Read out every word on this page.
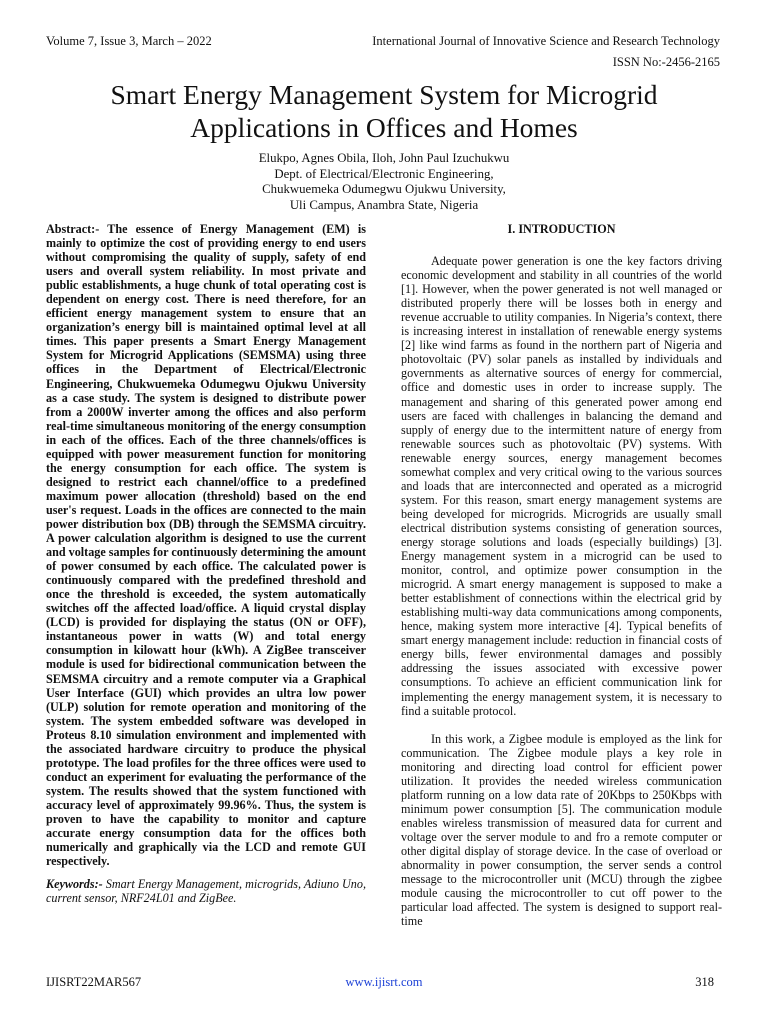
Volume 7, Issue 3, March – 2022	International Journal of Innovative Science and Research Technology
ISSN No:-2456-2165
Smart Energy Management System for Microgrid Applications in Offices and Homes
Elukpo, Agnes Obila, Iloh, John Paul Izuchukwu
Dept. of Electrical/Electronic Engineering,
Chukwuemeka Odumegwu Ojukwu University,
Uli Campus, Anambra State, Nigeria

Abstract:- The essence of Energy Management (EM) is mainly to optimize the cost of providing energy to end users without compromising the quality of supply, safety of end users and overall system reliability. In most private and public establishments, a huge chunk of total operating cost is dependent on energy cost. There is need therefore, for an efficient energy management system to ensure that an organization’s energy bill is maintained optimal level at all times. This paper presents a Smart Energy Management System for Microgrid Applications (SEMSMA) using three offices in the Department of Electrical/Electronic Engineering, Chukwuemeka Odumegwu Ojukwu University as a case study. The system is designed to distribute power from a 2000W inverter among the offices and also perform real-time simultaneous monitoring of the energy consumption in each of the offices. Each of the three channels/offices is equipped with power measurement function for monitoring the energy consumption for each office. The system is designed to restrict each channel/office to a predefined maximum power allocation (threshold) based on the end user's request. Loads in the offices are connected to the main power distribution box (DB) through the SEMSMA circuitry. A power calculation algorithm is designed to use the current and voltage samples for continuously determining the amount of power consumed by each office. The calculated power is continuously compared with the predefined threshold and once the threshold is exceeded, the system automatically switches off the affected load/office. A liquid crystal display (LCD) is provided for displaying the status (ON or OFF), instantaneous power in watts (W) and total energy consumption in kilowatt hour (kWh). A ZigBee transceiver module is used for bidirectional communication between the SEMSMA circuitry and a remote computer via a Graphical User Interface (GUI) which provides an ultra low power (ULP) solution for remote operation and monitoring of the system. The system embedded software was developed in Proteus 8.10 simulation environment and implemented with the associated hardware circuitry to produce the physical prototype. The load profiles for the three offices were used to conduct an experiment for evaluating the performance of the system. The results showed that the system functioned with accuracy level of approximately 99.96%. Thus, the system is proven to have the capability to monitor and capture accurate energy consumption data for the offices both numerically and graphically via the LCD and remote GUI respectively.

Keywords:- Smart Energy Management, microgrids, Adiuno Uno, current sensor, NRF24L01 and ZigBee.

I. INTRODUCTION

Adequate power generation is one the key factors driving economic development and stability in all countries of the world [1]. However, when the power generated is not well managed or distributed properly there will be losses both in energy and revenue accruable to utility companies. In Nigeria’s context, there is increasing interest in installation of renewable energy systems [2] like wind farms as found in the northern part of Nigeria and photovoltaic (PV) solar panels as installed by individuals and governments as alternative sources of energy for commercial, office and domestic uses in order to increase supply. The management and sharing of this generated power among end users are faced with challenges in balancing the demand and supply of energy due to the intermittent nature of energy from renewable sources such as photovoltaic (PV) systems. With renewable energy sources, energy management becomes somewhat complex and very critical owing to the various sources and loads that are interconnected and operated as a microgrid system. For this reason, smart energy management systems are being developed for microgrids. Microgrids are usually small electrical distribution systems consisting of generation sources, energy storage solutions and loads (especially buildings) [3]. Energy management system in a microgrid can be used to monitor, control, and optimize power consumption in the microgrid. A smart energy management is supposed to make a better establishment of connections within the electrical grid by establishing multi-way data communications among components, hence, making system more interactive [4]. Typical benefits of smart energy management include: reduction in financial costs of energy bills, fewer environmental damages and possibly addressing the issues associated with excessive power consumptions. To achieve an efficient communication link for implementing the energy management system, it is necessary to find a suitable protocol.

In this work, a Zigbee module is employed as the link for communication. The Zigbee module plays a key role in monitoring and directing load control for efficient power utilization. It provides the needed wireless communication platform running on a low data rate of 20Kbps to 250Kbps with minimum power consumption [5]. The communication module enables wireless transmission of measured data for current and voltage over the server module to and fro a remote computer or other digital display of storage device. In the case of overload or abnormality in power consumption, the server sends a control message to the microcontroller unit (MCU) through the zigbee module causing the microcontroller to cut off power to the particular load affected. The system is designed to support real-time

IJISRT22MAR567	www.ijisrt.com	318
